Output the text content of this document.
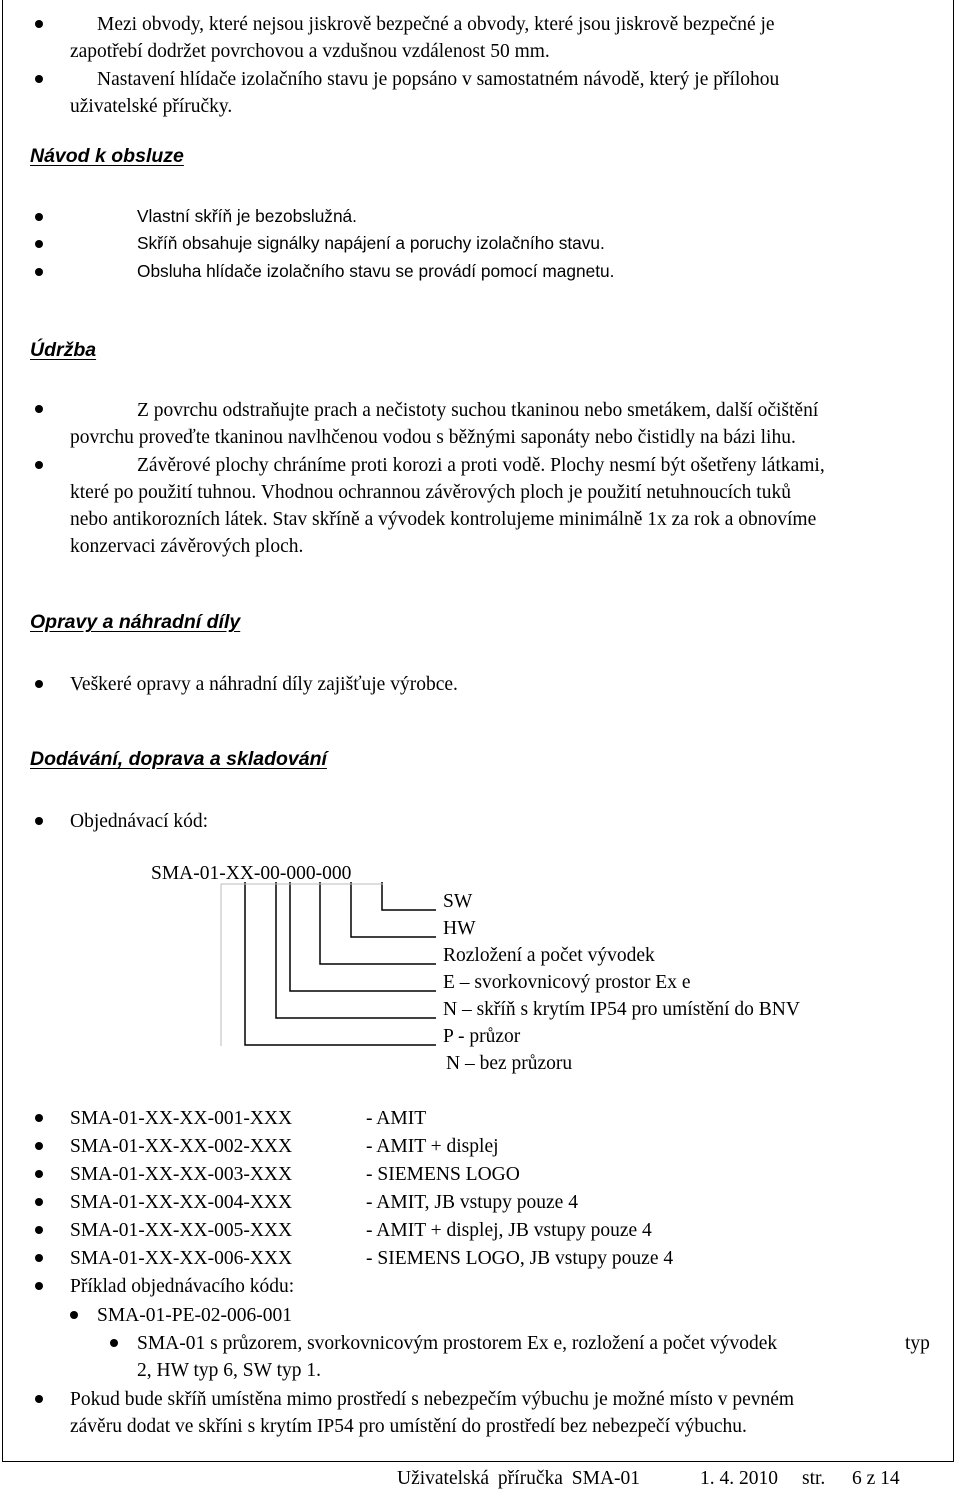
Mezi obvody, které nejsou jiskrově bezpečné a obvody, které jsou jiskrově bezpečné je
zapotřebí dodržet povrchovou a vzdušnou vzdálenost 50 mm.
Nastavení hlídače izolačního stavu je popsáno v samostatném návodě, který je přílohou
uživatelské příručky.
Návod k obsluze
Vlastní skříň je bezobslužná.
Skříň obsahuje signálky napájení a poruchy izolačního stavu.
Obsluha hlídače izolačního stavu se provádí pomocí magnetu.
Údržba
Z povrchu odstraňujte prach a nečistoty suchou tkaninou nebo smetákem, další očištění
povrchu proveďte tkaninou navlhčenou vodou s běžnými saponáty nebo čistidly na bázi lihu.
Závěrové plochy chráníme proti korozi a proti vodě. Plochy nesmí být ošetřeny látkami,
které po použití tuhnou. Vhodnou ochrannou závěrových ploch je použití netuhnoucích tuků
nebo antikorozních látek. Stav skříně a vývodek kontrolujeme minimálně 1x za rok a obnovíme
konzervaci závěrových ploch.
Opravy a náhradní díly
Veškeré opravy a náhradní díly zajišťuje výrobce.
Dodávání, doprava a skladování
Objednávací kód:
SMA-01-XX-00-000-000
SW
HW
Rozložení a počet vývodek
E – svorkovnicový prostor Ex e
N – skříň s krytím IP54 pro umístění do BNV
P - průzor
N – bez průzoru
SMA-01-XX-XX-001-XXX	- AMIT
SMA-01-XX-XX-002-XXX	- AMIT + displej
SMA-01-XX-XX-003-XXX	- SIEMENS LOGO
SMA-01-XX-XX-004-XXX	- AMIT, JB vstupy pouze 4
SMA-01-XX-XX-005-XXX	- AMIT + displej, JB vstupy pouze 4
SMA-01-XX-XX-006-XXX	- SIEMENS LOGO, JB vstupy pouze 4
Příklad objednávacího kódu:
SMA-01-PE-02-006-001
SMA-01 s průzorem, svorkovnicovým prostorem Ex e, rozložení a počet vývodek	typ
2, HW typ 6, SW typ 1.
Pokud bude skříň umístěna mimo prostředí s nebezpečím výbuchu je možné místo v pevném
závěru dodat ve skříni s krytím IP54 pro umístění do prostředí bez nebezpečí výbuchu.
Uživatelská příručka SMA-01	1. 4. 2010 str. 6 z 14
